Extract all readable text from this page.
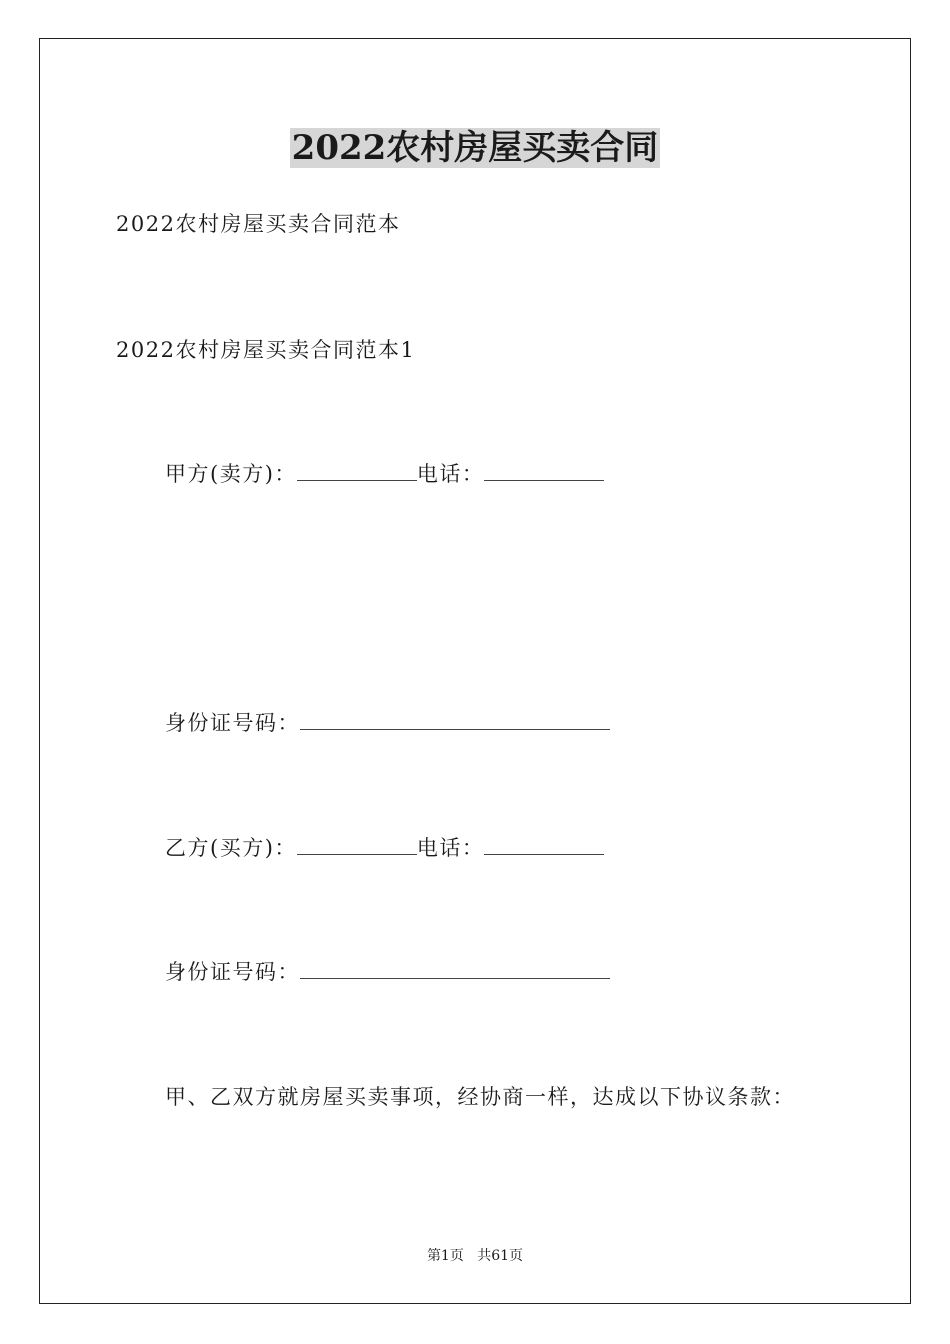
2022农村房屋买卖合同
2022农村房屋买卖合同范本
2022农村房屋买卖合同范本1
甲方(卖方)：	电话：
身份证号码：
乙方(买方)：	电话：
身份证号码：
甲、乙双方就房屋买卖事项，经协商一样，达成以下协议条款：
第1页 共61页
